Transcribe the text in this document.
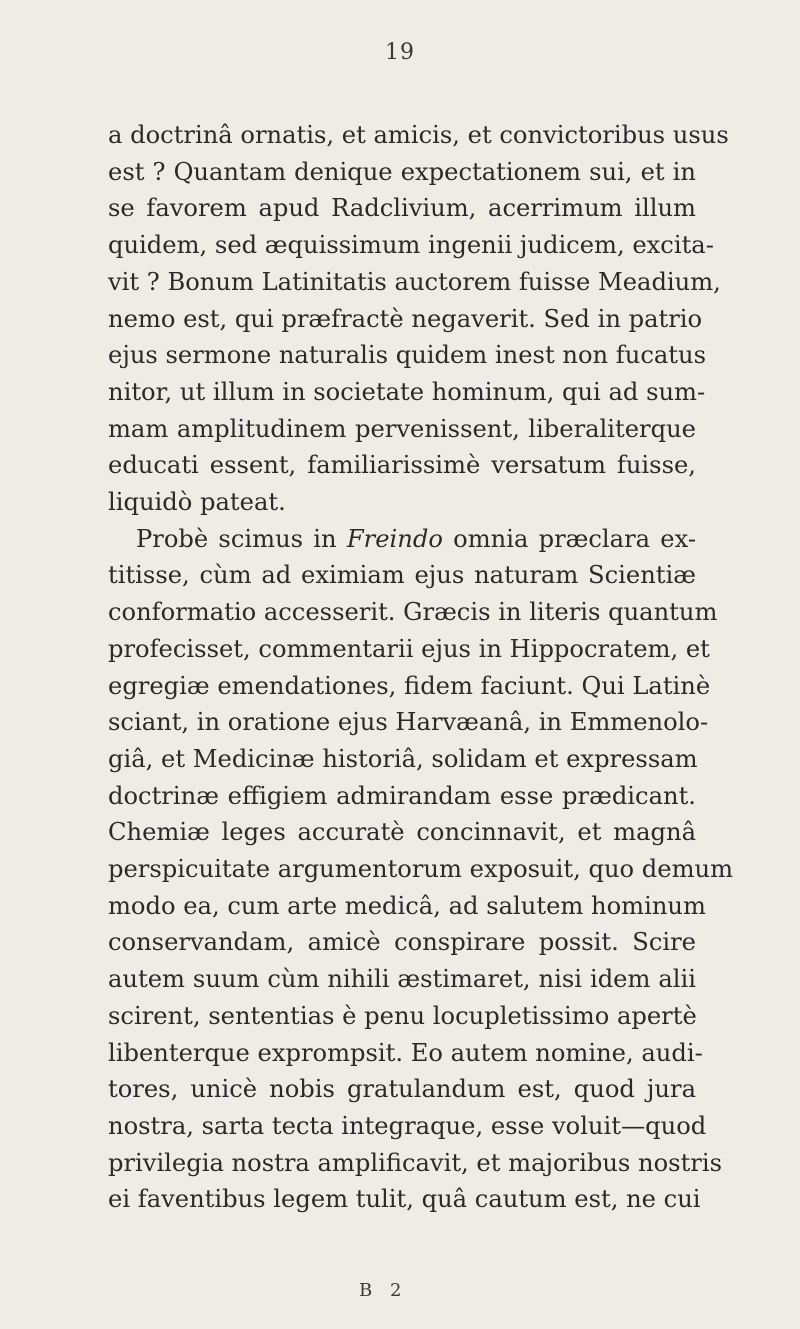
19
a doctrinâ ornatis, et amicis, et convictoribus usus
est ? Quantam denique expectationem sui, et in
se favorem apud Radclivium, acerrimum illum
quidem, sed æquissimum ingenii judicem, excita-
vit ? Bonum Latinitatis auctorem fuisse Meadium,
nemo est, qui præfractè negaverit. Sed in patrio
ejus sermone naturalis quidem inest non fucatus
nitor, ut illum in societate hominum, qui ad sum-
mam amplitudinem pervenissent, liberaliterque
educati essent, familiarissimè versatum fuisse,
liquidò pateat.
Probè scimus in Freindo omnia præclara ex-
titisse, cùm ad eximiam ejus naturam Scientiæ
conformatio accesserit. Græcis in literis quantum
profecisset, commentarii ejus in Hippocratem, et
egregiæ emendationes, fidem faciunt. Qui Latinè
sciant, in oratione ejus Harvæanâ, in Emmenolo-
giâ, et Medicinæ historiâ, solidam et expressam
doctrinæ effigiem admirandam esse prædicant.
Chemiæ leges accuratè concinnavit, et magnâ
perspicuitate argumentorum exposuit, quo demum
modo ea, cum arte medicâ, ad salutem hominum
conservandam, amicè conspirare possit. Scire
autem suum cùm nihili æstimaret, nisi idem alii
scirent, sententias è penu locupletissimo apertè
libenterque exprompsit. Eo autem nomine, audi-
tores, unicè nobis gratulandum est, quod jura
nostra, sarta tecta integraque, esse voluit—quod
privilegia nostra amplificavit, et majoribus nostris
ei faventibus legem tulit, quâ cautum est, ne cui
B 2
